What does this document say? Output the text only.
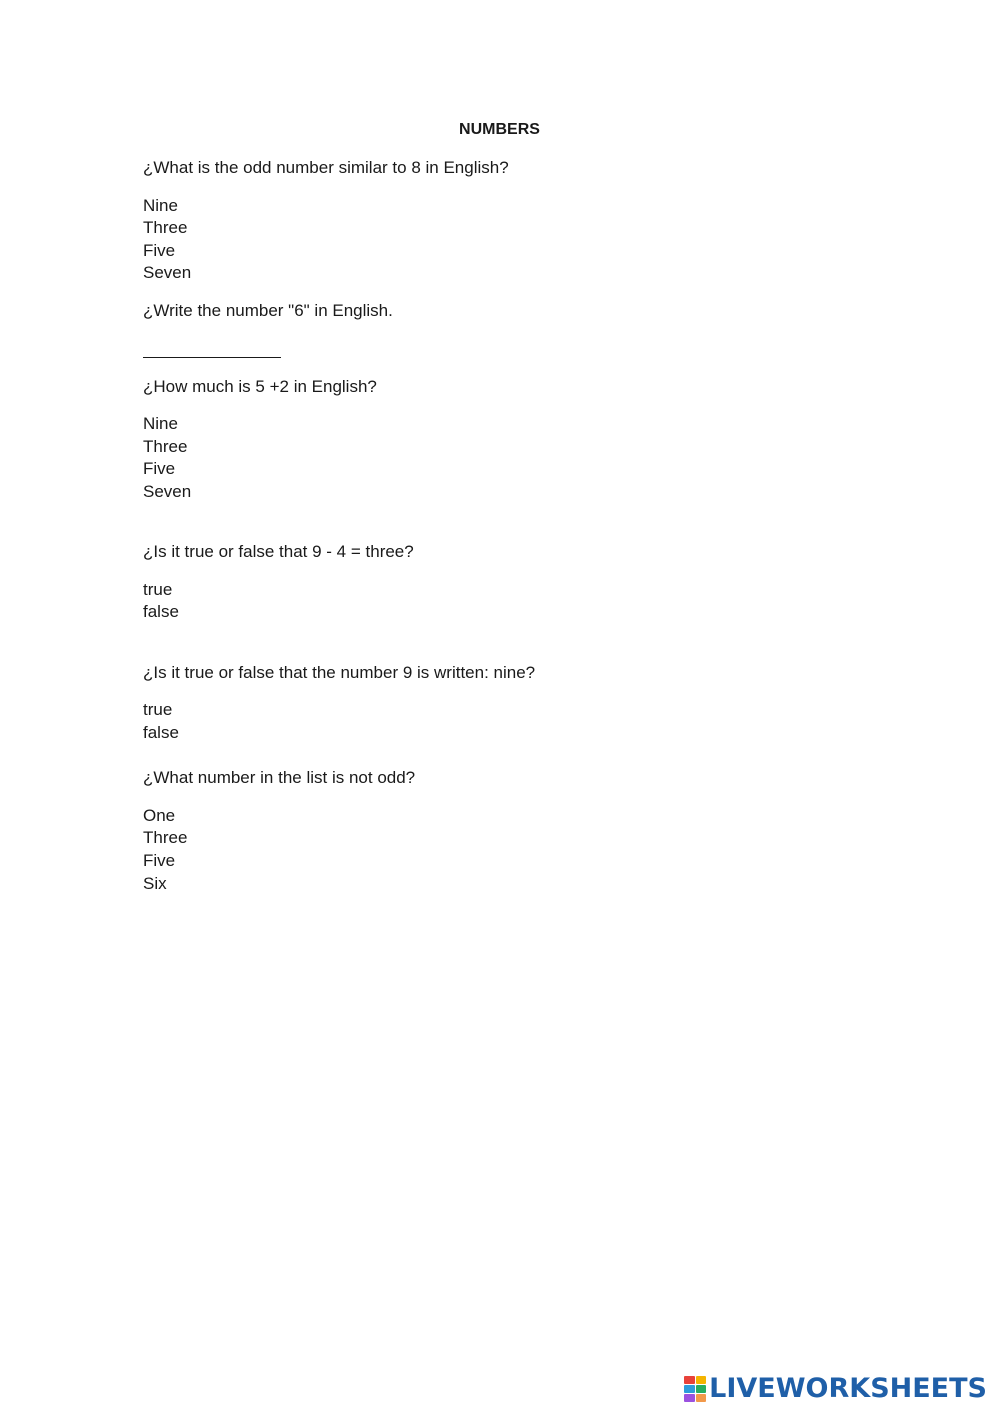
NUMBERS
¿What is the odd number similar to 8 in English?
Nine
Three
Five
Seven
¿Write the number "6" in English.
¿How much is 5 +2 in English?
Nine
Three
Five
Seven
¿Is it true or false that 9 - 4 = three?
true
false
¿Is it true or false that the number 9 is written: nine?
true
false
¿What number in the list is not odd?
One
Three
Five
Six
LIVEWORKSHEETS
